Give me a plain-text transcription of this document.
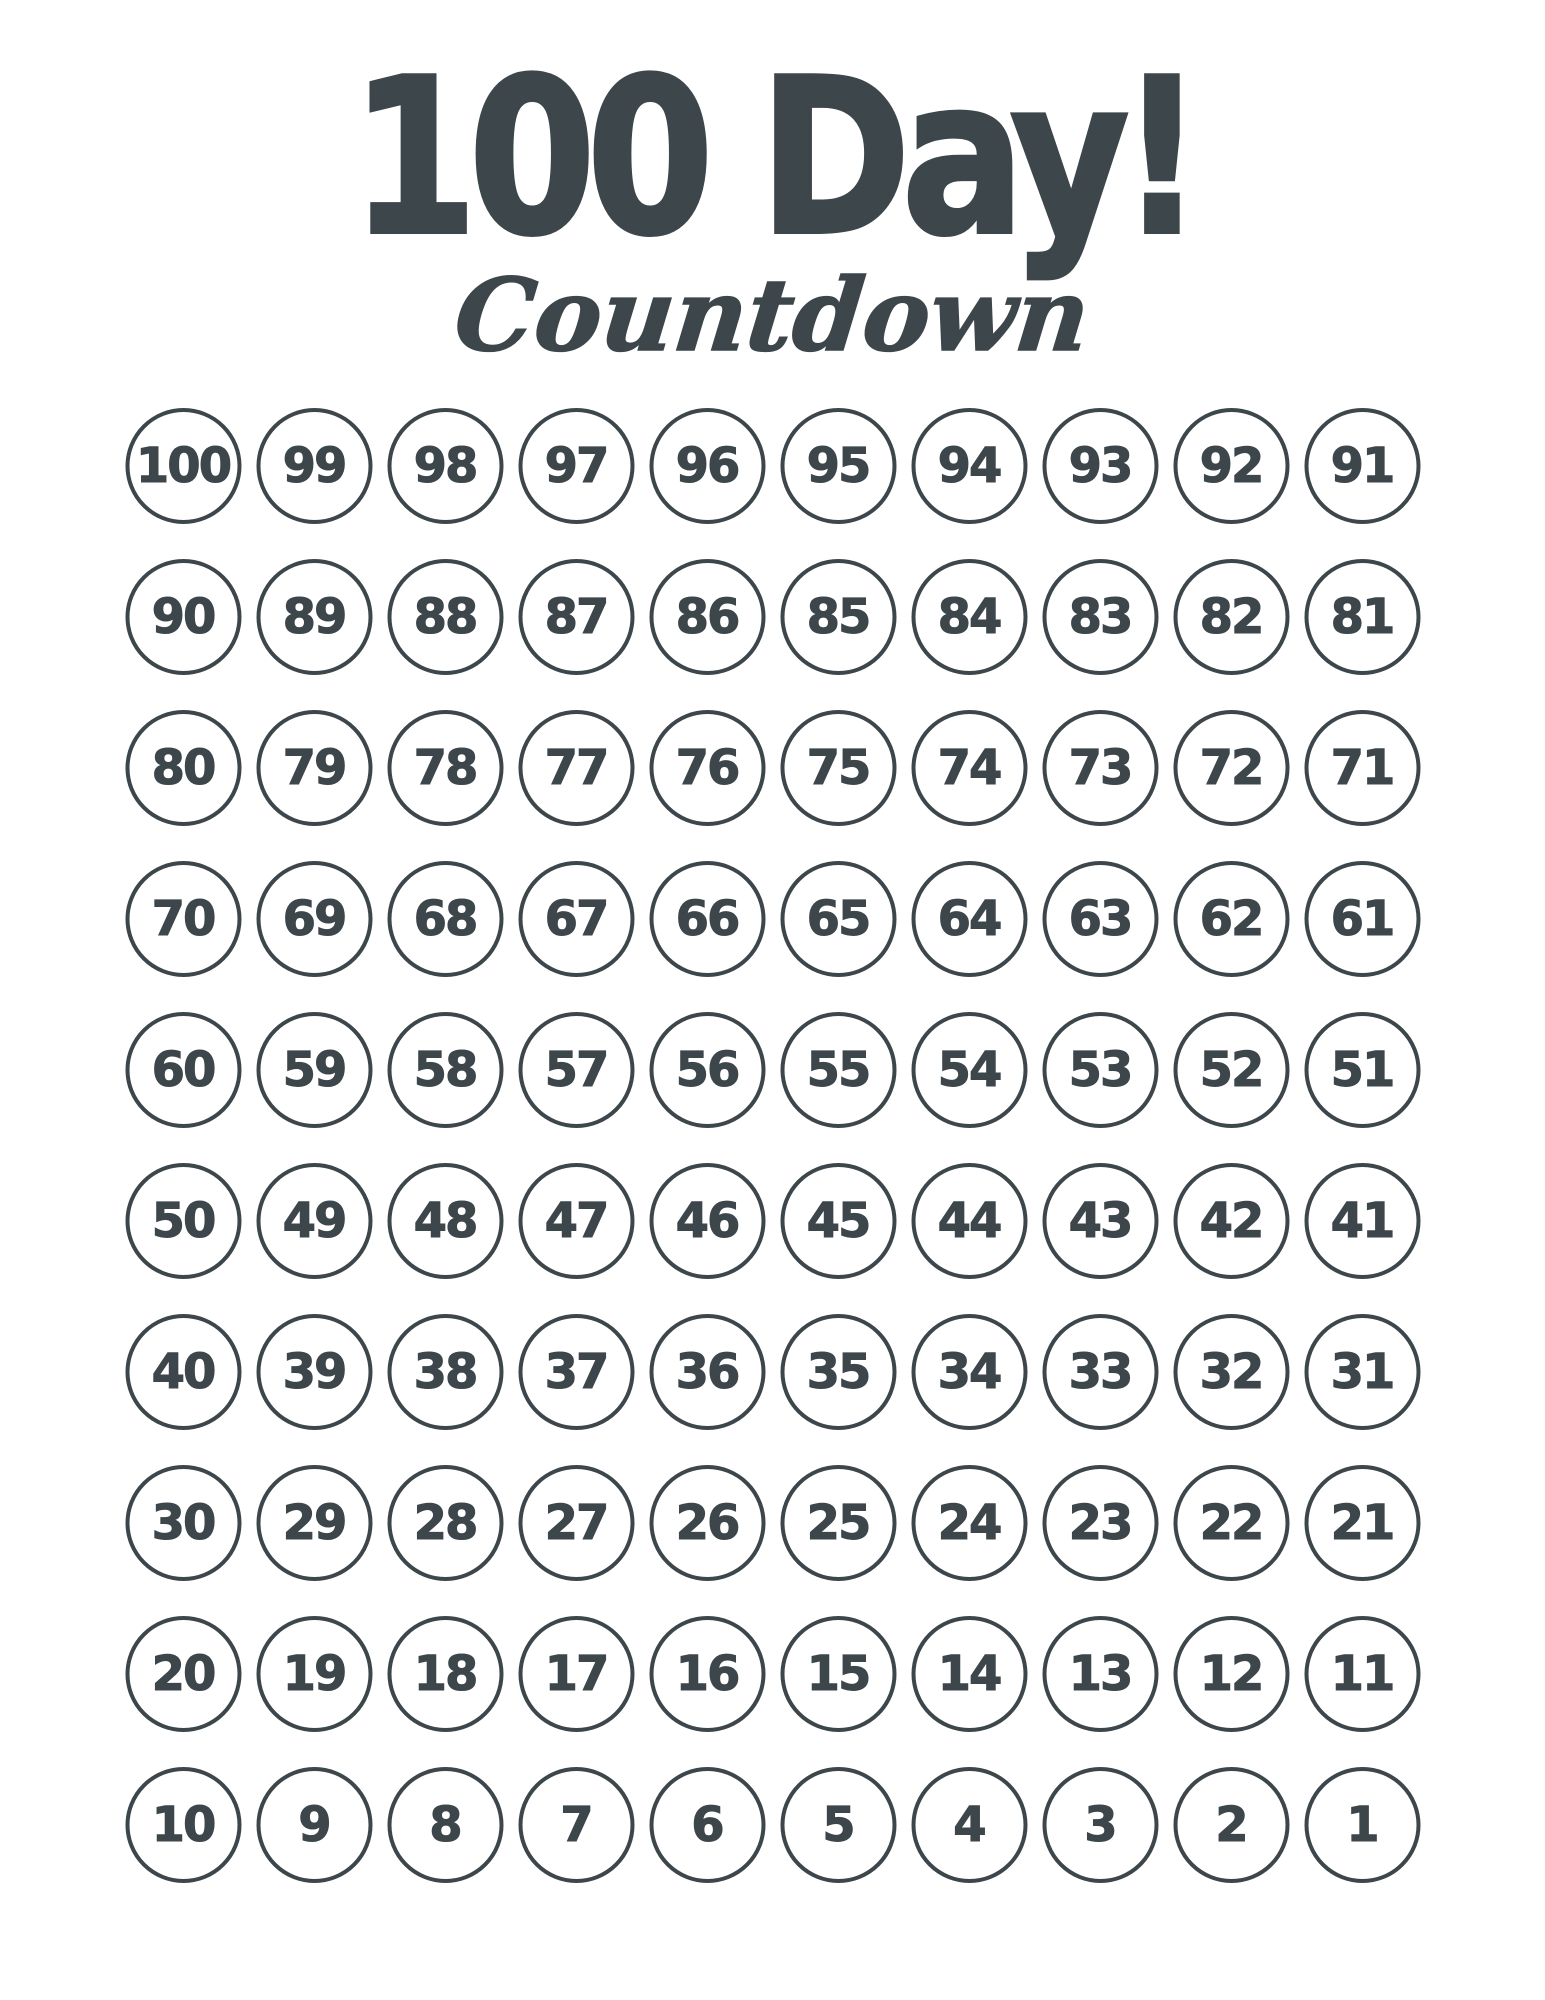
100 Day!
Countdown
100	99	98	97	96	95	94	93	92	91
90	89	88	87	86	85	84	83	82	81
80	79	78	77	76	75	74	73	72	71
70	69	68	67	66	65	64	63	62	61
60	59	58	57	56	55	54	53	52	51
50	49	48	47	46	45	44	43	42	41
40	39	38	37	36	35	34	33	32	31
30	29	28	27	26	25	24	23	22	21
20	19	18	17	16	15	14	13	12	11
10	9	8	7	6	5	4	3	2	1
